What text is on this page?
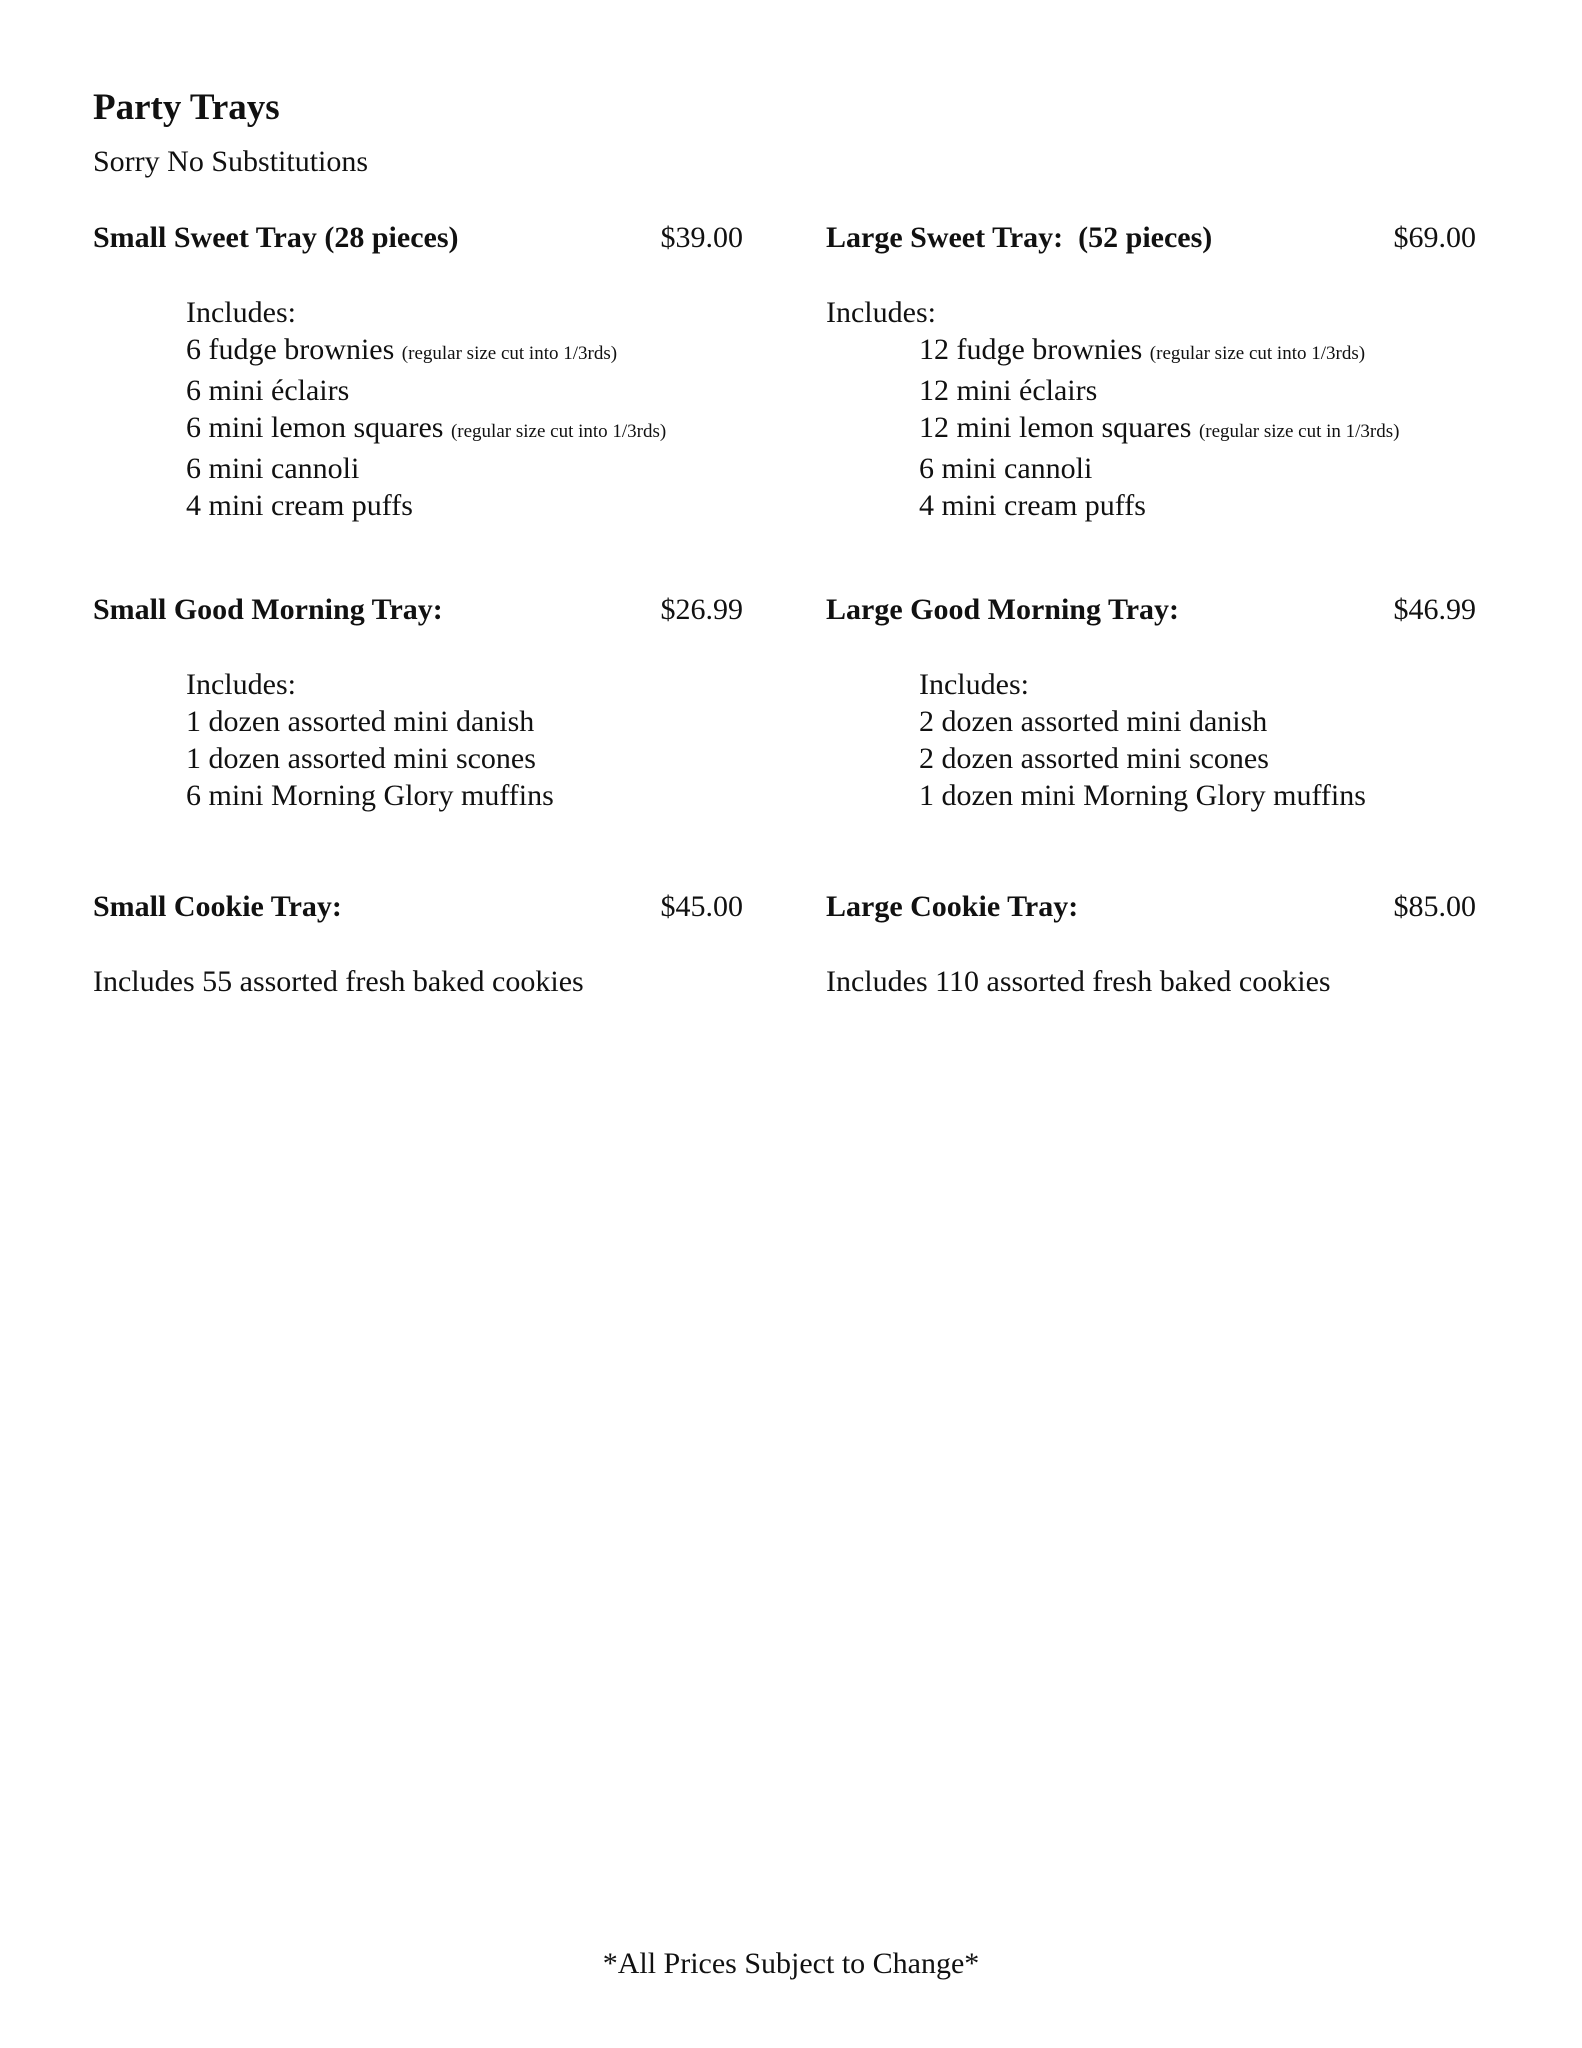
Party Trays
Sorry No Substitutions
Small Sweet Tray (28 pieces)	$39.00
Includes:
6 fudge brownies (regular size cut into 1/3rds)
6 mini éclairs
6 mini lemon squares (regular size cut into 1/3rds)
6 mini cannoli
4 mini cream puffs
Large Sweet Tray:  (52 pieces)	$69.00
Includes:
12 fudge brownies (regular size cut into 1/3rds)
12 mini éclairs
12 mini lemon squares (regular size cut in 1/3rds)
6 mini cannoli
4 mini cream puffs
Small Good Morning Tray:	$26.99
Includes:
1 dozen assorted mini danish
1 dozen assorted mini scones
6 mini Morning Glory muffins
Large Good Morning Tray:	$46.99
Includes:
2 dozen assorted mini danish
2 dozen assorted mini scones
1 dozen mini Morning Glory muffins
Small Cookie Tray:	$45.00
Includes 55 assorted fresh baked cookies
Large Cookie Tray:	$85.00
Includes 110 assorted fresh baked cookies
*All Prices Subject to Change*
